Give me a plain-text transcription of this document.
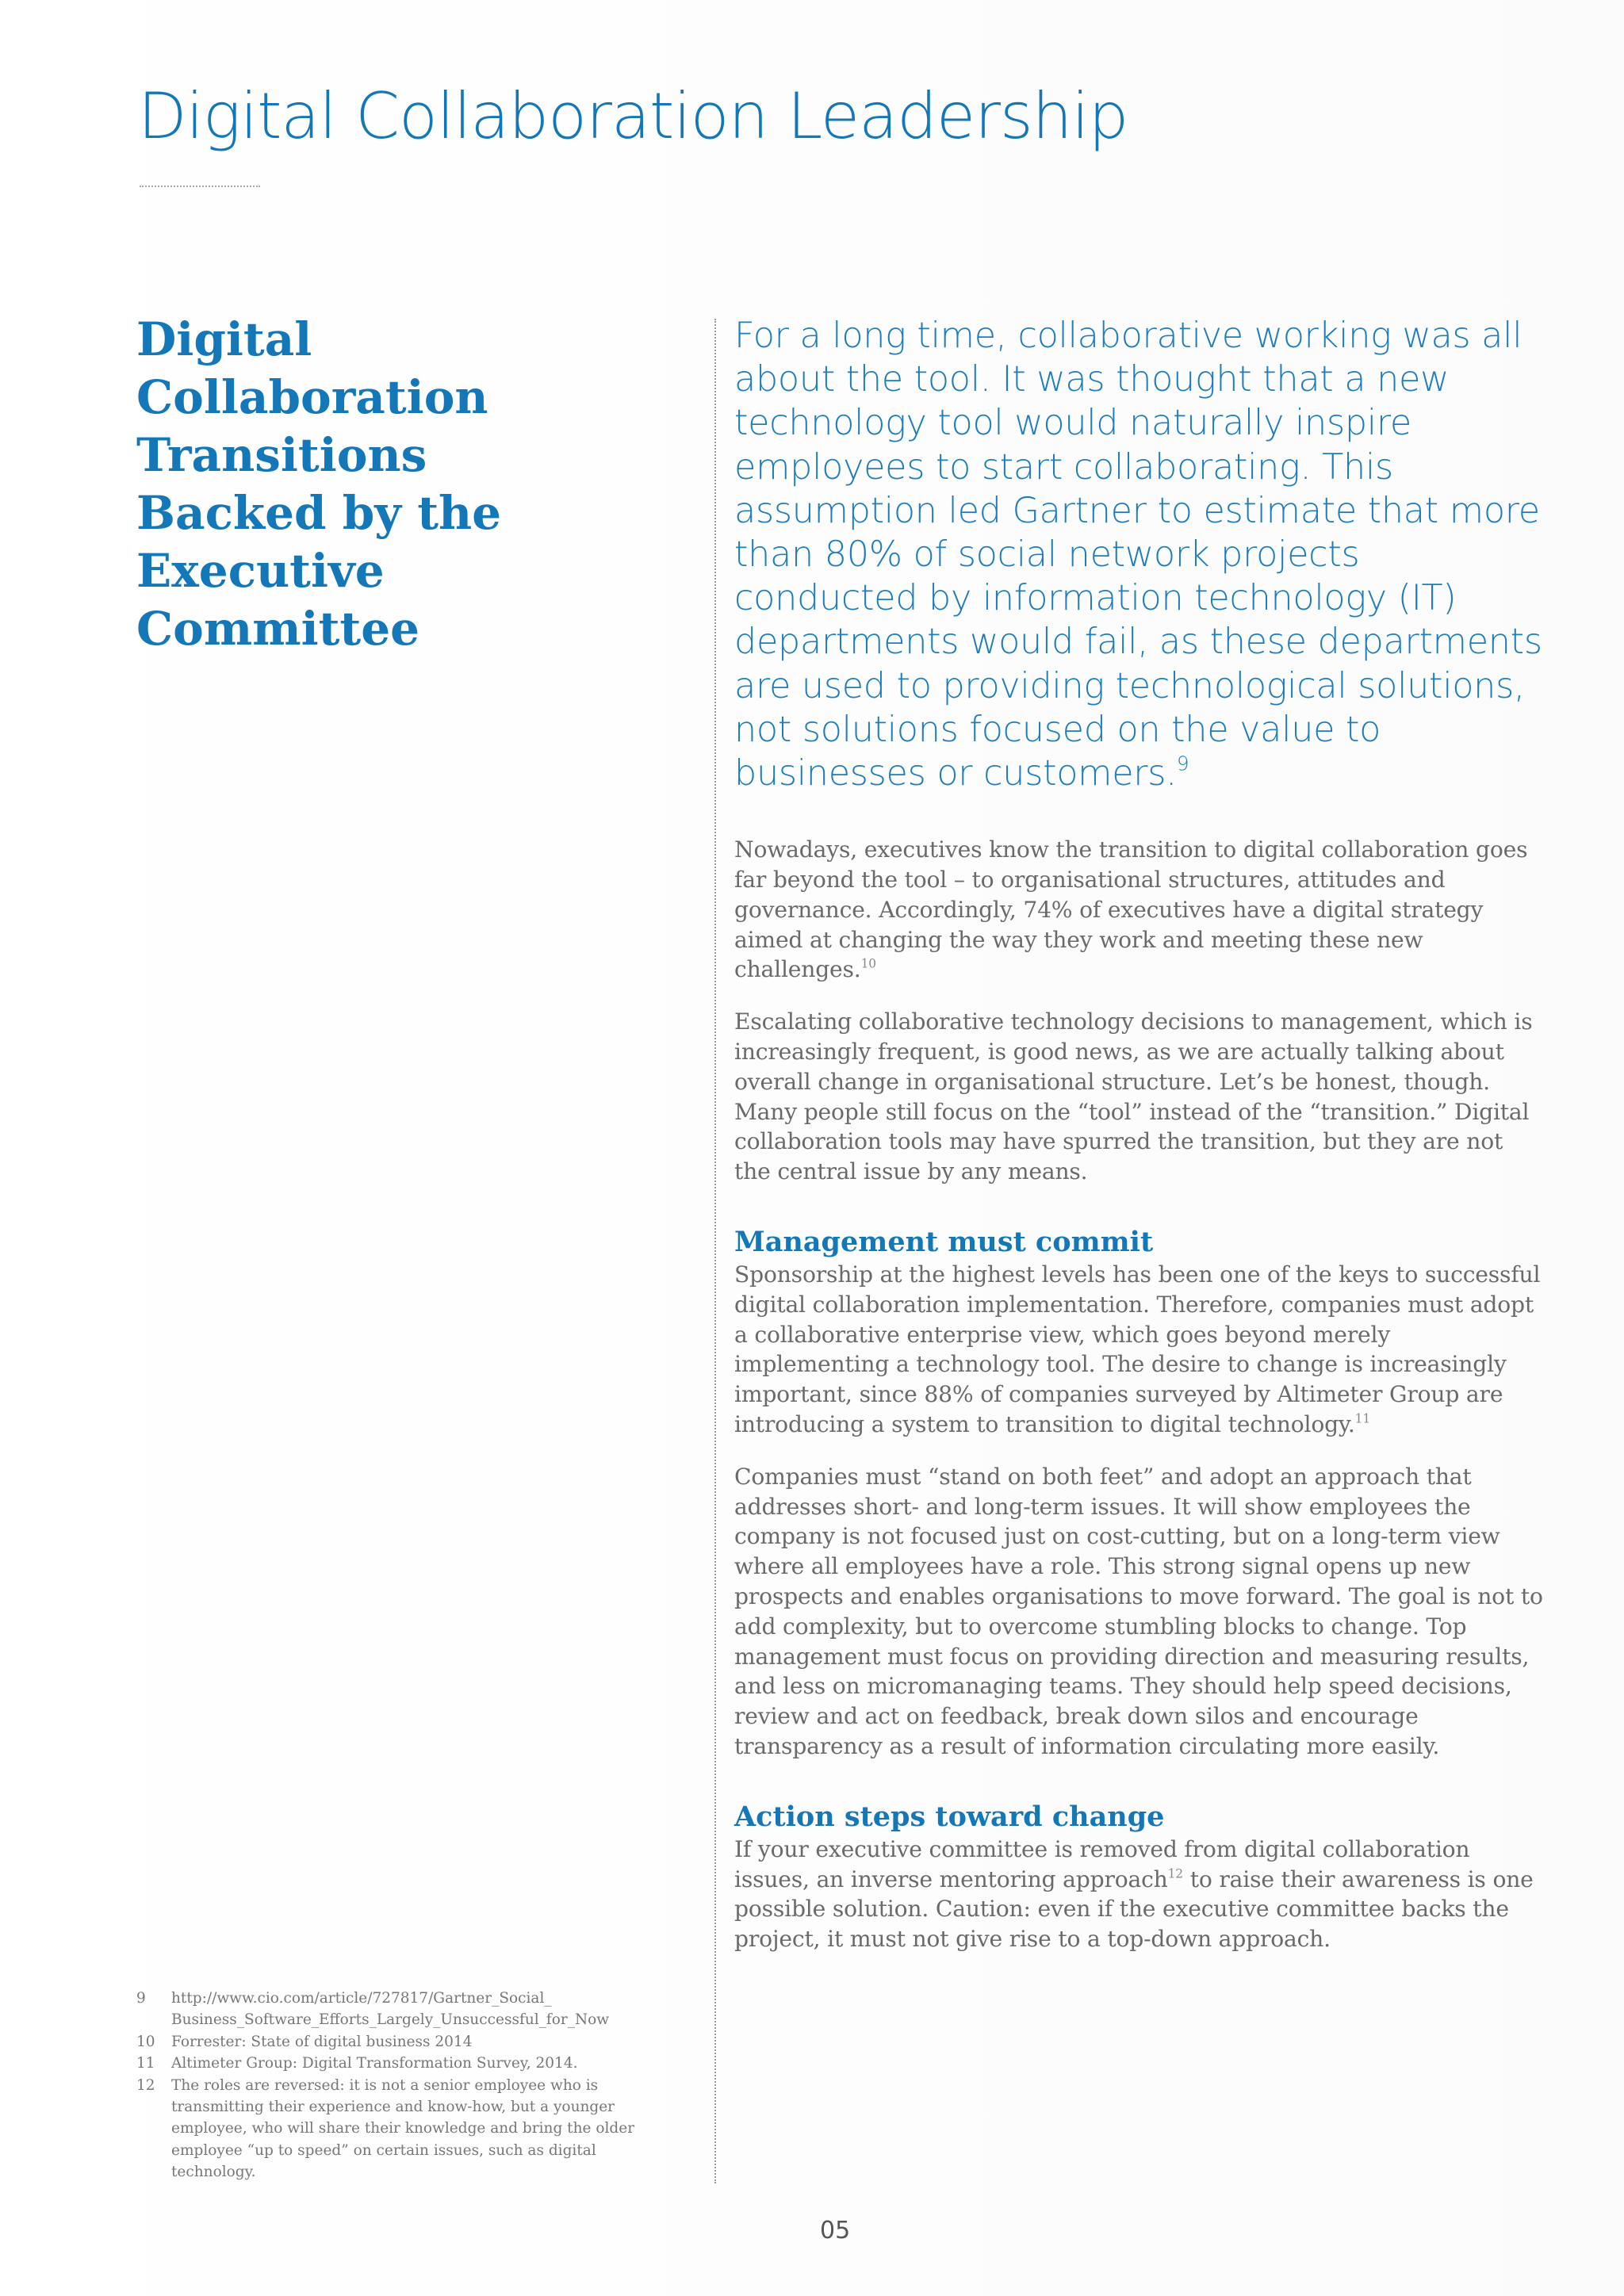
Digital Collaboration Leadership
Digital Collaboration Transitions Backed by the Executive Committee

For a long time, collaborative working was all about the tool. It was thought that a new technology tool would naturally inspire employees to start collaborating. This assumption led Gartner to estimate that more than 80% of social network projects conducted by information technology (IT) departments would fail, as these departments are used to providing technological solutions, not solutions focused on the value to businesses or customers.$^9$

Nowadays, executives know the transition to digital collaboration goes far beyond the tool – to organisational structures, attitudes and governance. Accordingly, 74% of executives have a digital strategy aimed at changing the way they work and meeting these new challenges.$^{10}$

Escalating collaborative technology decisions to management, which is increasingly frequent, is good news, as we are actually talking about overall change in organisational structure. Let’s be honest, though. Many people still focus on the “tool” instead of the “transition.” Digital collaboration tools may have spurred the transition, but they are not the central issue by any means.

Management must commit

Sponsorship at the highest levels has been one of the keys to successful digital collaboration implementation. Therefore, companies must adopt a collaborative enterprise view, which goes beyond merely implementing a technology tool. The desire to change is increasingly important, since 88% of companies surveyed by Altimeter Group are introducing a system to transition to digital technology.$^{11}$

Companies must “stand on both feet” and adopt an approach that addresses short- and long-term issues. It will show employees the company is not focused just on cost-cutting, but on a long-term view where all employees have a role. This strong signal opens up new prospects and enables organisations to move forward. The goal is not to add complexity, but to overcome stumbling blocks to change. Top management must focus on providing direction and measuring results, and less on micromanaging teams. They should help speed decisions, review and act on feedback, break down silos and encourage transparency as a result of information circulating more easily.

Action steps toward change

If your executive committee is removed from digital collaboration issues, an inverse mentoring approach$^{12}$ to raise their awareness is one possible solution. Caution: even if the executive committee backs the project, it must not give rise to a top-down approach.

9	http://www.cio.com/article/727817/Gartner_Social_ Business_Software_Efforts_Largely_Unsuccessful_for_Now
10	Forrester: State of digital business 2014
11	Altimeter Group: Digital Transformation Survey, 2014.
12	The roles are reversed: it is not a senior employee who is transmitting their experience and know-how, but a younger employee, who will share their knowledge and bring the older employee “up to speed” on certain issues, such as digital technology.
05
